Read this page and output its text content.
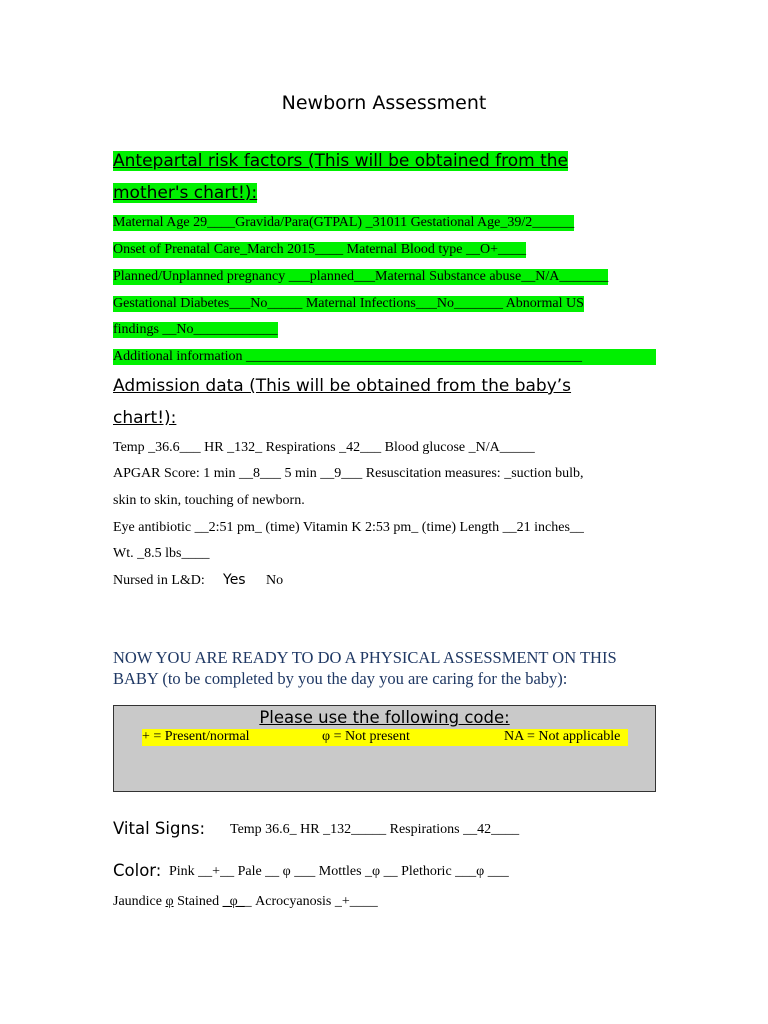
Newborn Assessment
Antepartal risk factors (This will be obtained from the
mother's chart!):
Maternal Age 29____Gravida/Para(GTPAL) _31011 Gestational Age_39/2______
Onset of Prenatal Care_March 2015____ Maternal Blood type __O+____
Planned/Unplanned pregnancy ___planned___Maternal Substance abuse__N/A_______
Gestational Diabetes___No_____ Maternal Infections___No_______ Abnormal US
findings __No____________
Additional information ________________________________________________
Admission data (This will be obtained from the baby’s
chart!):
Temp _36.6___ HR _132_ Respirations _42___ Blood glucose _N/A_____
APGAR Score: 1 min __8___ 5 min __9___ Resuscitation measures: _suction bulb,
skin to skin, touching of newborn.
Eye antibiotic __2:51 pm_ (time) Vitamin K 2:53 pm_ (time) Length __21 inches__
Wt. _8.5 lbs____
Nursed in L&D: Yes No
NOW YOU ARE READY TO DO A PHYSICAL ASSESSMENT ON THIS
BABY (to be completed by you the day you are caring for the baby):
Please use the following code:
+ = Present/normal	φ = Not present	NA = Not applicable
Vital Signs: Temp 36.6_ HR _132_____ Respirations __42____
Color: Pink __+__ Pale __ φ ___ Mottles _φ __ Plethoric ___φ ___
Jaundice φ Stained _φ__ Acrocyanosis _+____
